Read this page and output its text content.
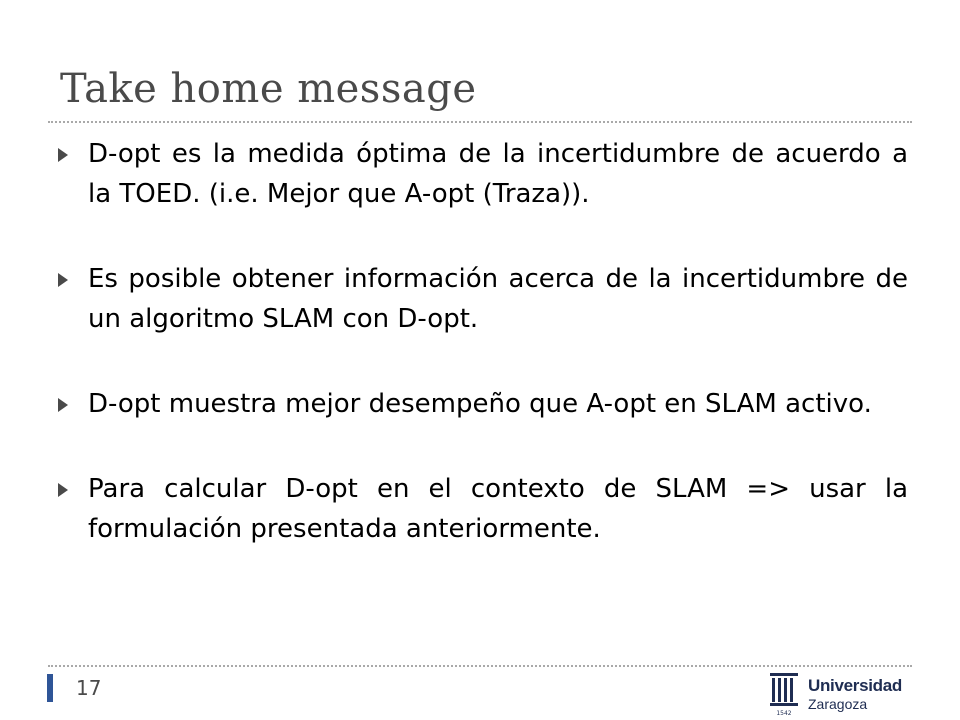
Take home message
D-opt es la medida óptima de la incertidumbre de acuerdo a la TOED. (i.e. Mejor que A-opt (Traza)).
Es posible obtener información acerca de la incertidumbre de un algoritmo SLAM con D-opt.
D-opt muestra mejor desempeño que A-opt en SLAM activo.
Para calcular D-opt en el contexto de SLAM => usar la formulación presentada anteriormente.
17
1542
Universidad
Zaragoza
